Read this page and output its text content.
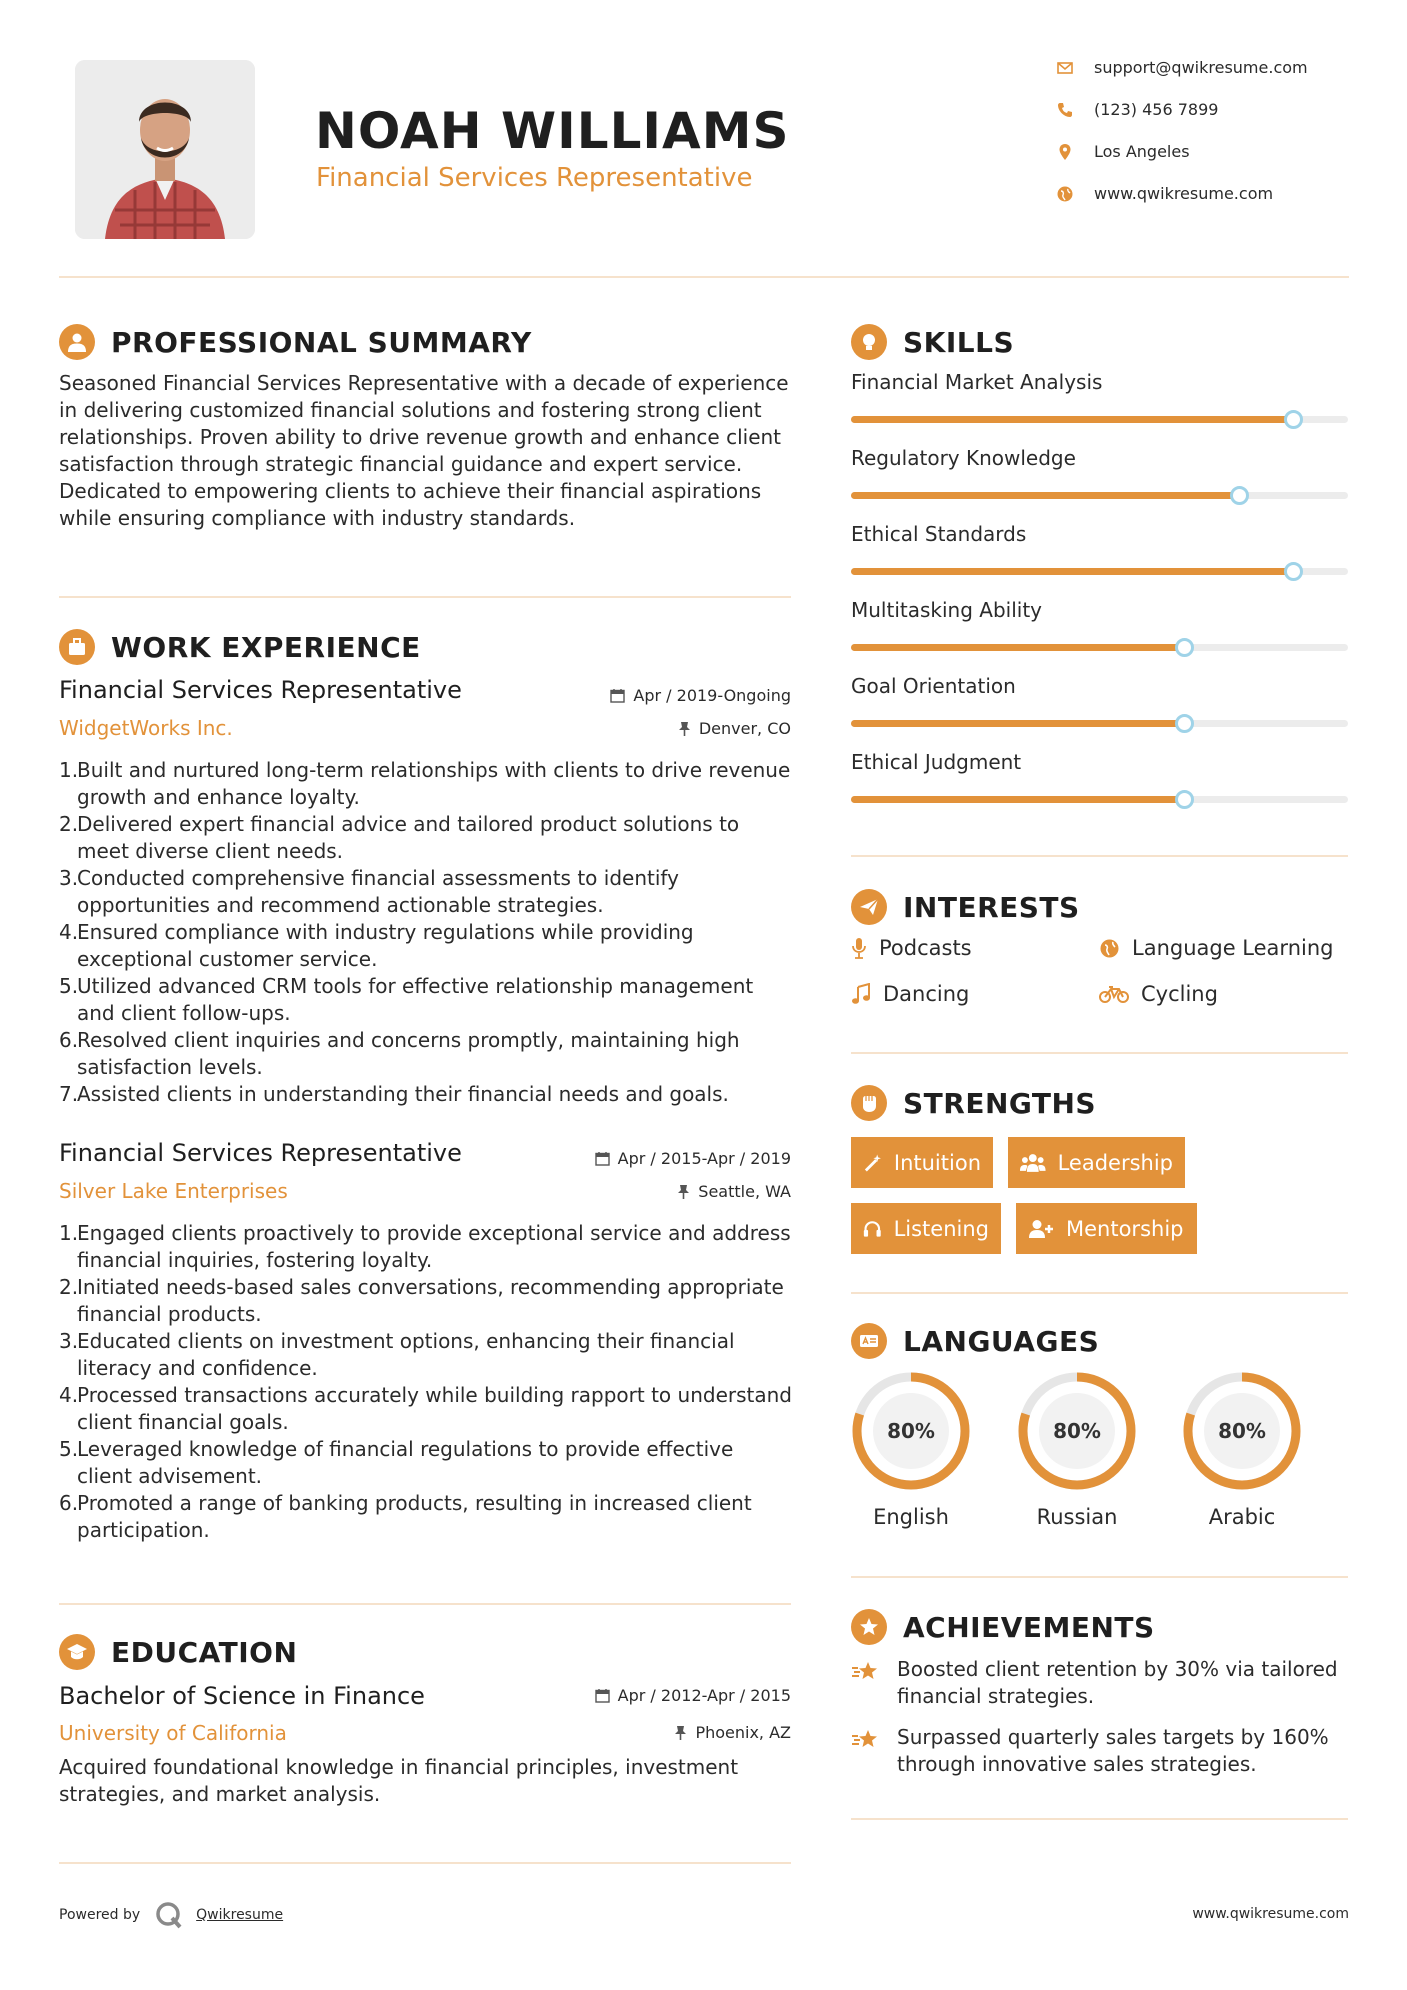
NOAH WILLIAMS
Financial Services Representative
support@qwikresume.com
(123) 456 7899
Los Angeles
www.qwikresume.com
PROFESSIONAL SUMMARY
Seasoned Financial Services Representative with a decade of experience in delivering customized financial solutions and fostering strong client relationships. Proven ability to drive revenue growth and enhance client satisfaction through strategic financial guidance and expert service. Dedicated to empowering clients to achieve their financial aspirations while ensuring compliance with industry standards.
WORK EXPERIENCE
Financial Services Representative	Apr / 2019-Ongoing
WidgetWorks Inc.	Denver, CO
1.
Built and nurtured long-term relationships with clients to drive revenue growth and enhance loyalty.
2.
Delivered expert financial advice and tailored product solutions to meet diverse client needs.
3.
Conducted comprehensive financial assessments to identify opportunities and recommend actionable strategies.
4.
Ensured compliance with industry regulations while providing exceptional customer service.
5.
Utilized advanced CRM tools for effective relationship management and client follow-ups.
6.
Resolved client inquiries and concerns promptly, maintaining high satisfaction levels.
7.
Assisted clients in understanding their financial needs and goals.
Financial Services Representative	Apr / 2015-Apr / 2019
Silver Lake Enterprises	Seattle, WA
1.
Engaged clients proactively to provide exceptional service and address financial inquiries, fostering loyalty.
2.
Initiated needs-based sales conversations, recommending appropriate financial products.
3.
Educated clients on investment options, enhancing their financial literacy and confidence.
4.
Processed transactions accurately while building rapport to understand client financial goals.
5.
Leveraged knowledge of financial regulations to provide effective client advisement.
6.
Promoted a range of banking products, resulting in increased client participation.
EDUCATION
Bachelor of Science in Finance	Apr / 2012-Apr / 2015
University of California	Phoenix, AZ
Acquired foundational knowledge in financial principles, investment strategies, and market analysis.
SKILLS
Financial Market Analysis
Regulatory Knowledge
Ethical Standards
Multitasking Ability
Goal Orientation
Ethical Judgment
INTERESTS
Podcasts	Language Learning
Dancing	Cycling
STRENGTHS
Intuition	Leadership
Listening	Mentorship
LANGUAGES
80%
English
80%
Russian
80%
Arabic
ACHIEVEMENTS
Boosted client retention by 30% via tailored financial strategies.
Surpassed quarterly sales targets by 160% through innovative sales strategies.
Powered by	Qwikresume	www.qwikresume.com
